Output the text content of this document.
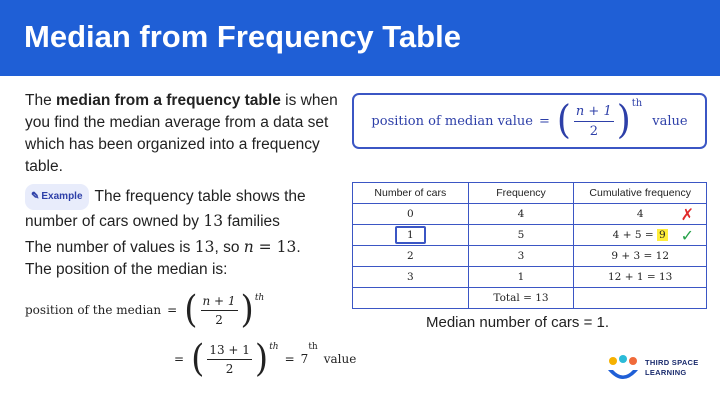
Median from Frequency Table
The median from a frequency table is when you find the median average from a data set which has been organized into a frequency table.
✎ Example The frequency table shows the number of cars owned by 13 families
The number of values is 13, so n = 13.
The position of the median is:
position of the median = ( $\frac{n + 1}{2}$ ) th
= ( $\frac{13 + 1}{2}$ ) th
= 7
th
value
position of median value = ( $\frac{n + 1}{2}$ ) th
value
Number of cars	Frequency	Cumulative frequency
0	4	4 ✗

1	5	4 + 5 = 9 ✓

2	3	9 + 3 = 12
3	1	12 + 1 = 13
	Total = 13	
Median number of cars = 1.
THIRD SPACE
LEARNING
